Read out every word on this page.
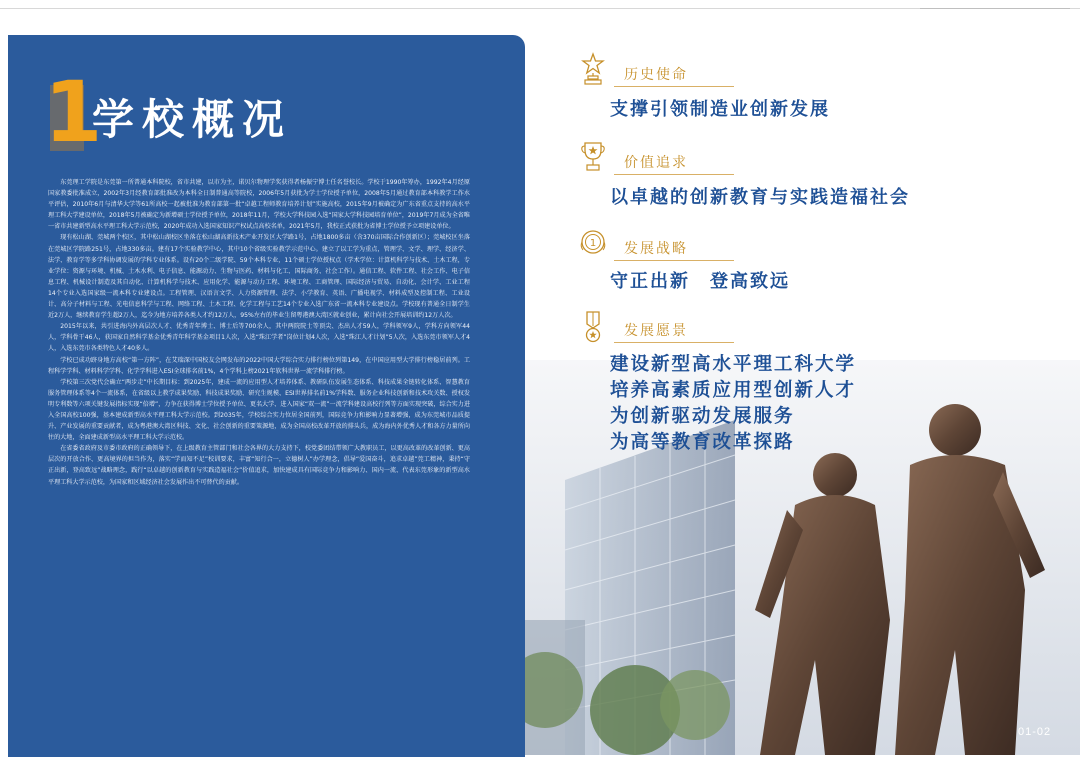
1
学校概况

东莞理工学院是东莞第一所普通本科院校，省市共建，以市为主，诺贝尔物理学奖获得者杨振宁博士任名誉校长。学校于1990年筹办，1992年4月经原国家教委批准成立，2002年3月经教育部批准改为本科全日制普通高等院校，2006年5月获批为学士学位授予单位，2008年5月通过教育部本科教学工作水平评估，2010年6月与清华大学等61所高校一起被批准为教育部第一批“卓越工程师教育培养计划”实施高校，2015年9月被确定为广东省重点支持的高水平理工科大学建设单位，2018年5月被确定为新增硕士学位授予单位，2018年11月，学校大学科技园入选“国家大学科技园培育单位”，2019年7月成为全省唯一省市共建新型高水平理工科大学示范校，2020年成功入选国家知识产权试点高校名单，2021年5月，我校正式获批为省博士学位授予立项建设单位。

现有松山湖、莞城两个校区，其中松山湖校区坐落在松山湖高新技术产业开发区大学路1号，占地1800多亩（含370亩国际合作创新区）；莞城校区坐落在莞城区学院路251号，占地330多亩。建有17个实验教学中心，其中10个省级实验教学示范中心。建立了以工学为重点，管理学、文学、理学、经济学、法学、教育学等多学科协调发展的学科专业体系。设有20个二级学院、59个本科专业，11个硕士学位授权点（学术学位：计算机科学与技术、土木工程，专业学位：资源与环境、机械、土木水利、电子信息、能源动力、生物与医药、材料与化工、国际商务、社会工作）。通信工程、软件工程、社会工作、电子信息工程、机械设计制造及其自动化、计算机科学与技术、应用化学、能源与动力工程、环境工程、工商管理、国际经济与贸易、自动化、会计学、工业工程14个专业入选国家级一流本科专业建设点。工程管理、汉语言文学、人力资源管理、法学、小学教育、英语、广播电视学、材料成型及控制工程、工业设计、高分子材料与工程、光电信息科学与工程、网络工程、土木工程、化学工程与工艺14个专业入选广东省一流本科专业建设点。学校现有普通全日制学生近2万人，继续教育学生超2万人，迄今为地方培养各类人才约12万人，95%左右的毕业生留粤港澳大湾区就业创业，累计向社会开展培训约12万人次。

2015年以来，共引进海内外高层次人才、优秀青年博士、博士后等700余人，其中两院院士等顶尖、杰出人才59人，学科领军9人，学科方向领军44人，学科骨干46人，获国家自然科学基金优秀青年科学基金项目1人次，入选“珠江学者”岗位计划4人次，入选“珠江人才计划”5人次，入选东莞市领军人才4人，入选东莞市各类特色人才40多人。

学校已成功跻身地方高校“第一方阵”，在艾瑞深中国校友会网发布的2022中国大学综合实力排行榜位列第149，在中国应用型大学排行榜稳居前列。工程科学学科、材料科学学科、化学学科进入ESI全球排名前1%，4个学科上榜2021年软科世界一流学科排行榜。

学校第三次党代会确立“两步走”中长期目标：到2025年，建成一流的应用型人才培养体系、教研队伍发展生态体系、科技成果全链转化体系、智慧教育服务管理体系等4个一流体系，在省级以上教学成果奖励、科技成果奖励、研究生规模、ESI世界排名前1%学科数、服务企业科技创新和技术攻关数、授权发明专利数等六项关键发展指标实现“倍增”，力争在获得博士学位授予单位、更名大学、进入国家“双一流”一流学科建设高校行列等方面实现突破，综合实力进入全国高校100强，基本建成新型高水平理工科大学示范校。到2035年，学校综合实力位居全国前列，国际竞争力和影响力显著增强，成为东莞城市品质提升、产业发展的重要贡献者，成为粤港澳大湾区科技、文化、社会创新的重要策源地，成为全国高校改革开放的排头兵，成为海内外优秀人才和各方力量所向往的大地，全面建成新型高水平理工科大学示范校。

在省委省政府及市委市政府的正确领导下，在上级教育主管部门和社会各界的大力支持下，校党委团结带领广大教职员工，以更高改革的改革创新、更高层次的开放合作、更高境界的担当作为，落实“学而知不足”校训要求，丰富“知行合一，立德树人”办学理念，倡导“爱国奋斗，追求卓越”莞工精神，秉持“守正出新，登高致远”战略理念，践行“以卓越的创新教育与实践造福社会”价值追求，加快建成具有国际竞争力和影响力、国内一流、代表东莞形象的新型高水平理工科大学示范校，为国家和区域经济社会发展作出不可替代的贡献。

历史使命
支撑引领制造业创新发展
价值追求
以卓越的创新教育与实践造福社会
1 发展战略
守正出新　登高致远
发展愿景
建设新型高水平理工科大学
培养高素质应用型创新人才
为创新驱动发展服务
为高等教育改革探路
01-02
